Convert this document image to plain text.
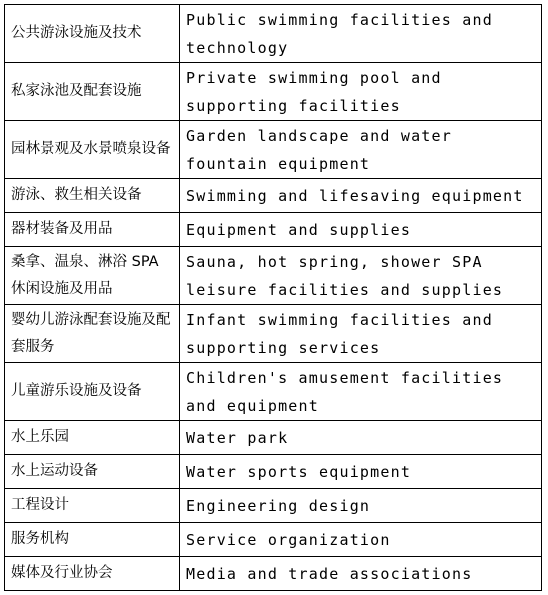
公共游泳设施及技术	Public swimming facilities and technology
私家泳池及配套设施	Private swimming pool and supporting facilities
园林景观及水景喷泉设备	Garden landscape and water fountain equipment
游泳、救生相关设备	Swimming and lifesaving equipment
器材装备及用品	Equipment and supplies
桑拿、温泉、淋浴 SPA 休闲设施及用品	Sauna, hot spring, shower SPA leisure facilities and supplies
婴幼儿游泳配套设施及配套服务	Infant swimming facilities and supporting services
儿童游乐设施及设备	Children's amusement facilities and equipment
水上乐园	Water park
水上运动设备	Water sports equipment
工程设计	Engineering design
服务机构	Service organization
媒体及行业协会	Media and trade associations
